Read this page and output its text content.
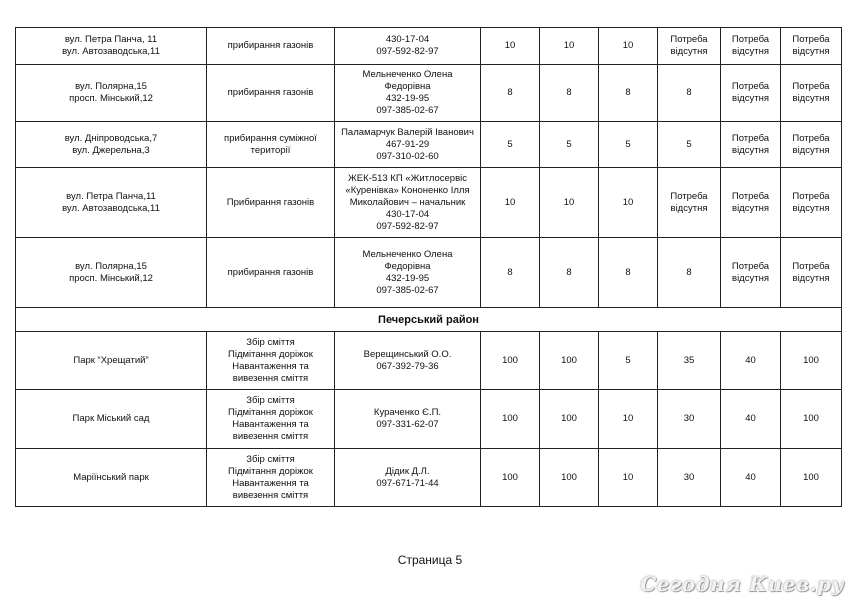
вул. Петра Панча, 11
вул. Автозаводська,11	прибирання газонів	430-17-04
097-592-82-97	10	10	10	Потреба
відсутня	Потреба
відсутня	Потреба
відсутня
вул. Полярна,15
просп. Мінський,12	прибирання газонів	Мельнеченко Олена
Федорівна
432-19-95
097-385-02-67	8	8	8	8	Потреба
відсутня	Потреба
відсутня
вул. Дніпроводська,7
вул. Джерельна,3	прибирання суміжної
території	Паламарчук Валерій Іванович
467-91-29
097-310-02-60	5	5	5	5	Потреба
відсутня	Потреба
відсутня
вул. Петра Панча,11
вул. Автозаводська,11	Прибирання газонів	ЖЕК-513 КП «Житлосервіс
«Куренівка» Кононенко Ілля
Миколайович – начальник
430-17-04
097-592-82-97	10	10	10	Потреба
відсутня	Потреба
відсутня	Потреба
відсутня
вул. Полярна,15
просп. Мінський,12	прибирання газонів	Мельнеченко Олена
Федорівна
432-19-95
097-385-02-67	8	8	8	8	Потреба
відсутня	Потреба
відсутня
Печерський район								
Парк “Хрещатий”	Збір сміття
Підмітання доріжок
Навантаження та
вивезення сміття	Верещинський О.О.
067-392-79-36	100	100	5	35	40	100
Парк Міський сад	Збір сміття
Підмітання доріжок
Навантаження та
вивезення сміття	Кураченко Є.П.
097-331-62-07	100	100	10	30	40	100
Маріїнський парк	Збір сміття
Підмітання доріжок
Навантаження та
вивезення сміття	Дідик Д.Л.
097-671-71-44	100	100	10	30	40	100
Страница 5
Сегодня Киев.ру
